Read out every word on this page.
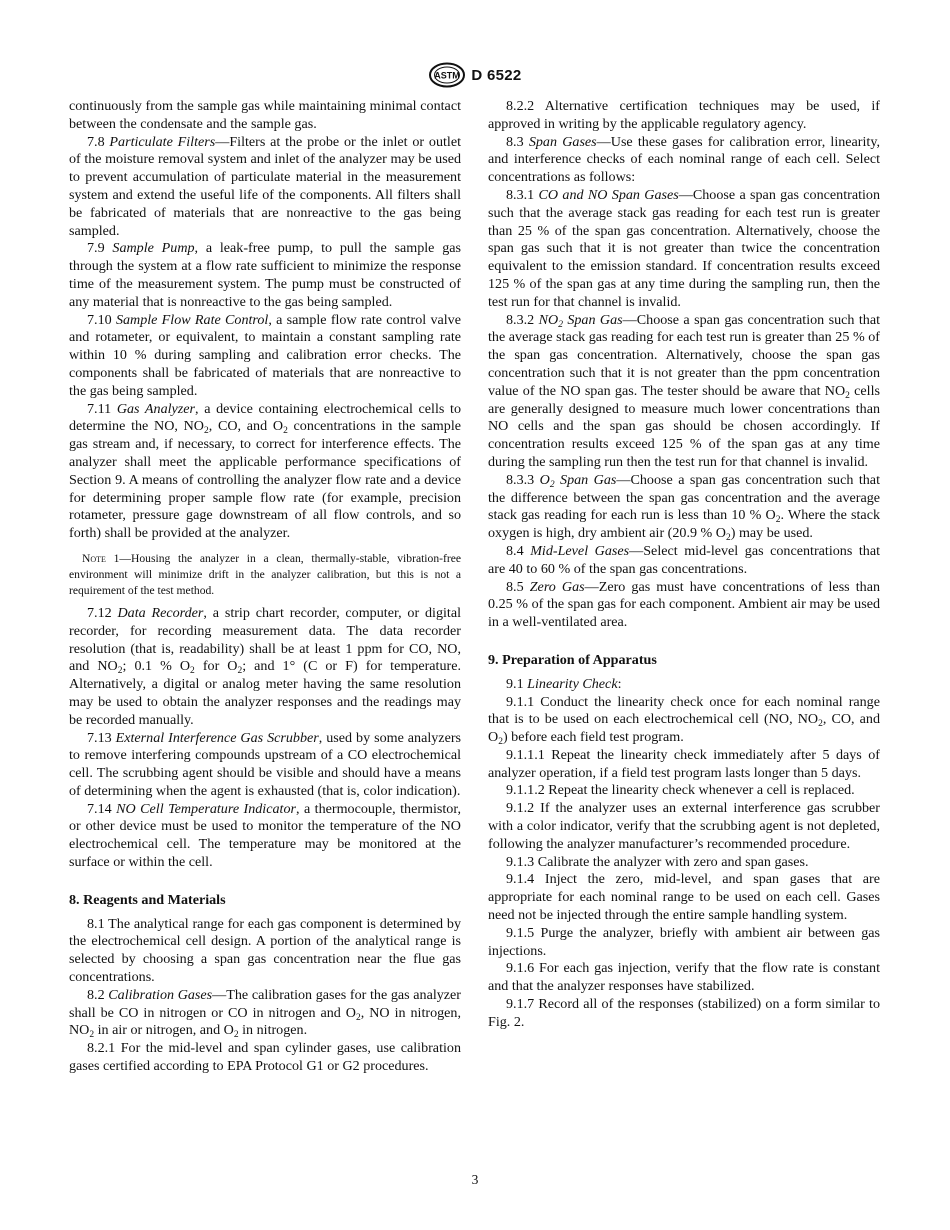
ASTM D 6522

continuously from the sample gas while maintaining minimal contact between the condensate and the sample gas.

7.8 Particulate Filters—Filters at the probe or the inlet or outlet of the moisture removal system and inlet of the analyzer may be used to prevent accumulation of particulate material in the measurement system and extend the useful life of the components. All filters shall be fabricated of materials that are nonreactive to the gas being sampled.

7.9 Sample Pump, a leak-free pump, to pull the sample gas through the system at a flow rate sufficient to minimize the response time of the measurement system. The pump must be constructed of any material that is nonreactive to the gas being sampled.

7.10 Sample Flow Rate Control, a sample flow rate control valve and rotameter, or equivalent, to maintain a constant sampling rate within 10 % during sampling and calibration error checks. The components shall be fabricated of materials that are nonreactive to the gas being sampled.

7.11 Gas Analyzer, a device containing electrochemical cells to determine the NO, $NO_2$, CO, and $O_2$ concentrations in the sample gas stream and, if necessary, to correct for interference effects. The analyzer shall meet the applicable performance specifications of Section 9. A means of controlling the analyzer flow rate and a device for determining proper sample flow rate (for example, precision rotameter, pressure gage downstream of all flow controls, and so forth) shall be provided at the analyzer.

Note 1—Housing the analyzer in a clean, thermally-stable, vibration-free environment will minimize drift in the analyzer calibration, but this is not a requirement of the test method.

7.12 Data Recorder, a strip chart recorder, computer, or digital recorder, for recording measurement data. The data recorder resolution (that is, readability) shall be at least 1 ppm for CO, NO, and $NO_2$; 0.1 % $O_2$ for $O_2$; and 1° (C or F) for temperature. Alternatively, a digital or analog meter having the same resolution may be used to obtain the analyzer responses and the readings may be recorded manually.

7.13 External Interference Gas Scrubber, used by some analyzers to remove interfering compounds upstream of a CO electrochemical cell. The scrubbing agent should be visible and should have a means of determining when the agent is exhausted (that is, color indication).

7.14 NO Cell Temperature Indicator, a thermocouple, thermistor, or other device must be used to monitor the temperature of the NO electrochemical cell. The temperature may be monitored at the surface or within the cell.

8. Reagents and Materials

8.1 The analytical range for each gas component is determined by the electrochemical cell design. A portion of the analytical range is selected by choosing a span gas concentration near the flue gas concentrations.

8.2 Calibration Gases—The calibration gases for the gas analyzer shall be CO in nitrogen or CO in nitrogen and $O_2$, NO in nitrogen, $NO_2$ in air or nitrogen, and $O_2$ in nitrogen.

8.2.1 For the mid-level and span cylinder gases, use calibration gases certified according to EPA Protocol G1 or G2 procedures.

8.2.2 Alternative certification techniques may be used, if approved in writing by the applicable regulatory agency.

8.3 Span Gases—Use these gases for calibration error, linearity, and interference checks of each nominal range of each cell. Select concentrations as follows:

8.3.1 CO and NO Span Gases—Choose a span gas concentration such that the average stack gas reading for each test run is greater than 25 % of the span gas concentration. Alternatively, choose the span gas such that it is not greater than twice the concentration equivalent to the emission standard. If concentration results exceed 125 % of the span gas at any time during the sampling run, then the test run for that channel is invalid.

8.3.2 $NO_2$ Span Gas—Choose a span gas concentration such that the average stack gas reading for each test run is greater than 25 % of the span gas concentration. Alternatively, choose the span gas concentration such that it is not greater than the ppm concentration value of the NO span gas. The tester should be aware that $NO_2$ cells are generally designed to measure much lower concentrations than NO cells and the span gas should be chosen accordingly. If concentration results exceed 125 % of the span gas at any time during the sampling run then the test run for that channel is invalid.

8.3.3 $O_2$ Span Gas—Choose a span gas concentration such that the difference between the span gas concentration and the average stack gas reading for each run is less than 10 % $O_2$. Where the stack oxygen is high, dry ambient air (20.9 % $O_2$) may be used.

8.4 Mid-Level Gases—Select mid-level gas concentrations that are 40 to 60 % of the span gas concentrations.

8.5 Zero Gas—Zero gas must have concentrations of less than 0.25 % of the span gas for each component. Ambient air may be used in a well-ventilated area.

9. Preparation of Apparatus

9.1 Linearity Check:

9.1.1 Conduct the linearity check once for each nominal range that is to be used on each electrochemical cell (NO, $NO_2$, CO, and $O_2$) before each field test program.

9.1.1.1 Repeat the linearity check immediately after 5 days of analyzer operation, if a field test program lasts longer than 5 days.

9.1.1.2 Repeat the linearity check whenever a cell is replaced.

9.1.2 If the analyzer uses an external interference gas scrubber with a color indicator, verify that the scrubbing agent is not depleted, following the analyzer manufacturer’s recommended procedure.

9.1.3 Calibrate the analyzer with zero and span gases.

9.1.4 Inject the zero, mid-level, and span gases that are appropriate for each nominal range to be used on each cell. Gases need not be injected through the entire sample handling system.

9.1.5 Purge the analyzer, briefly with ambient air between gas injections.

9.1.6 For each gas injection, verify that the flow rate is constant and that the analyzer responses have stabilized.

9.1.7 Record all of the responses (stabilized) on a form similar to Fig. 2.

3
